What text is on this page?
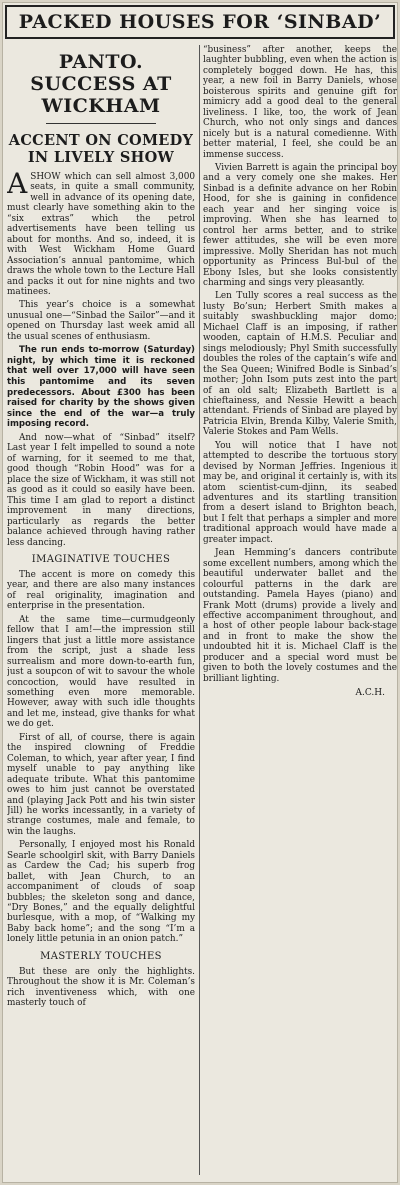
PACKED HOUSES FOR ‘SINBAD’
PANTO. SUCCESS AT WICKHAM
ACCENT ON COMEDY IN LIVELY SHOW

ASHOW which can sell almost 3,000 seats, in quite a small community, well in advance of its opening date, must clearly have something akin to the “six extras” which the petrol advertisements have been telling us about for months. And so, indeed, it is with West Wickham Home Guard Association’s annual pantomime, which draws the whole town to the Lecture Hall and packs it out for nine nights and two matinees.

This year’s choice is a somewhat unusual one—“Sinbad the Sailor”—and it opened on Thursday last week amid all the usual scenes of enthusiasm.

The run ends to-morrow (Saturday) night, by which time it is reckoned that well over 17,000 will have seen this pantomime and its seven predecessors. About £300 has been raised for charity by the shows given since the end of the war—a truly imposing record.

And now—what of “Sinbad” itself? Last year I felt impelled to sound a note of warning, for it seemed to me that, good though “Robin Hood” was for a place the size of Wickham, it was still not as good as it could so easily have been. This time I am glad to report a distinct improvement in many directions, particularly as regards the better balance achieved through having rather less dancing.

IMAGINATIVE TOUCHES

The accent is more on comedy this year, and there are also many instances of real originality, imagination and enterprise in the presentation.

At the same time—curmudgeonly fellow that I am!—the impression still lingers that just a little more assistance from the script, just a shade less surrealism and more down-to-earth fun, just a soupcon of wit to savour the whole concoction, would have resulted in something even more memorable. However, away with such idle thoughts and let me, instead, give thanks for what we do get.

First of all, of course, there is again the inspired clowning of Freddie Coleman, to which, year after year, I find myself unable to pay anything like adequate tribute. What this pantomime owes to him just cannot be overstated and (playing Jack Pott and his twin sister Jill) he works incessantly, in a variety of strange costumes, male and female, to win the laughs.

Personally, I enjoyed most his Ronald Searle schoolgirl skit, with Barry Daniels as Cardew the Cad; his superb frog ballet, with Jean Church, to an accompaniment of clouds of soap bubbles; the skeleton song and dance, “Dry Bones,” and the equally delightful burlesque, with a mop, of “Walking my Baby back home”; and the song “I’m a lonely little petunia in an onion patch.”

MASTERLY TOUCHES

But these are only the highlights. Throughout the show it is Mr. Coleman’s rich inventiveness which, with one masterly touch of

“business” after another, keeps the laughter bubbling, even when the action is completely bogged down. He has, this year, a new foil in Barry Daniels, whose boisterous spirits and genuine gift for mimicry add a good deal to the general liveliness. I like, too, the work of Jean Church, who not only sings and dances nicely but is a natural comedienne. With better material, I feel, she could be an immense success.

Vivien Barrett is again the principal boy and a very comely one she makes. Her Sinbad is a definite advance on her Robin Hood, for she is gaining in confidence each year and her singing voice is improving. When she has learned to control her arms better, and to strike fewer attitudes, she will be even more impressive. Molly Sheridan has not much opportunity as Princess Bul-bul of the Ebony Isles, but she looks consistently charming and sings very pleasantly.

Len Tully scores a real success as the lusty Bo’sun; Herbert Smith makes a suitably swashbuckling major domo; Michael Claff is an imposing, if rather wooden, captain of H.M.S. Peculiar and sings melodiously; Phyl Smith successfully doubles the roles of the captain’s wife and the Sea Queen; Winifred Bodle is Sinbad’s mother; John Isom puts zest into the part of an old salt; Elizabeth Bartlett is a chieftainess, and Nessie Hewitt a beach attendant. Friends of Sinbad are played by Patricia Elvin, Brenda Kilby, Valerie Smith, Valerie Stokes and Pam Wells.

You will notice that I have not attempted to describe the tortuous story devised by Norman Jeffries. Ingenious it may be, and original it certainly is, with its atom scientist-cum-djinn, its seabed adventures and its startling transition from a desert island to Brighton beach, but I felt that perhaps a simpler and more traditional approach would have made a greater impact.

Jean Hemming’s dancers contribute some excellent numbers, among which the beautiful underwater ballet and the colourful patterns in the dark are outstanding. Pamela Hayes (piano) and Frank Mott (drums) provide a lively and effective accompaniment throughout, and a host of other people labour back-stage and in front to make the show the undoubted hit it is. Michael Claff is the producer and a special word must be given to both the lovely costumes and the brilliant lighting.

A.C.H.
